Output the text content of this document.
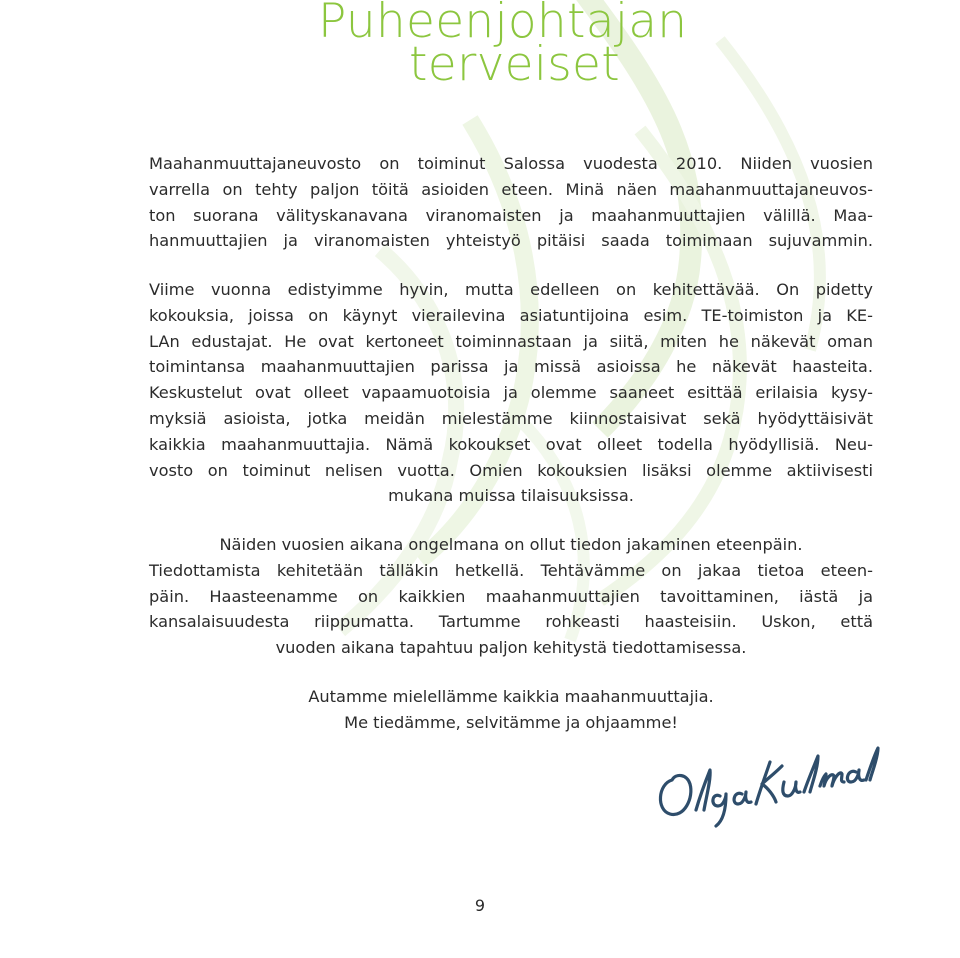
Puheenjohtajan
terveiset
Maahanmuuttajaneuvosto on toiminut Salossa vuodesta 2010. Niiden vuosien
varrella on tehty paljon töitä asioiden eteen. Minä näen maahanmuuttajaneuvos-
ton suorana välityskanavana viranomaisten ja maahanmuuttajien välillä. Maa-
hanmuuttajien ja viranomaisten yhteistyö pitäisi saada toimimaan sujuvammin.
Viime vuonna edistyimme hyvin, mutta edelleen on kehitettävää. On pidetty
kokouksia, joissa on käynyt vierailevina asiatuntijoina esim. TE-toimiston ja KE-
LAn edustajat. He ovat kertoneet toiminnastaan ja siitä, miten he näkevät oman
toimintansa maahanmuuttajien parissa ja missä asioissa he näkevät haasteita.
Keskustelut ovat olleet vapaamuotoisia ja olemme saaneet esittää erilaisia kysy-
myksiä asioista, jotka meidän mielestämme kiinnostaisivat sekä hyödyttäisivät
kaikkia maahanmuuttajia. Nämä kokoukset ovat olleet todella hyödyllisiä. Neu-
vosto on toiminut nelisen vuotta. Omien kokouksien lisäksi olemme aktiivisesti
mukana muissa tilaisuuksissa.
Näiden vuosien aikana ongelmana on ollut tiedon jakaminen eteenpäin.
Tiedottamista kehitetään tälläkin hetkellä. Tehtävämme on jakaa tietoa eteen-
päin. Haasteenamme on kaikkien maahanmuuttajien tavoittaminen, iästä ja
kansalaisuudesta riippumatta. Tartumme rohkeasti haasteisiin. Uskon, että
vuoden aikana tapahtuu paljon kehitystä tiedottamisessa.
Autamme mielellämme kaikkia maahanmuuttajia.
Me tiedämme, selvitämme ja ohjaamme!
9
